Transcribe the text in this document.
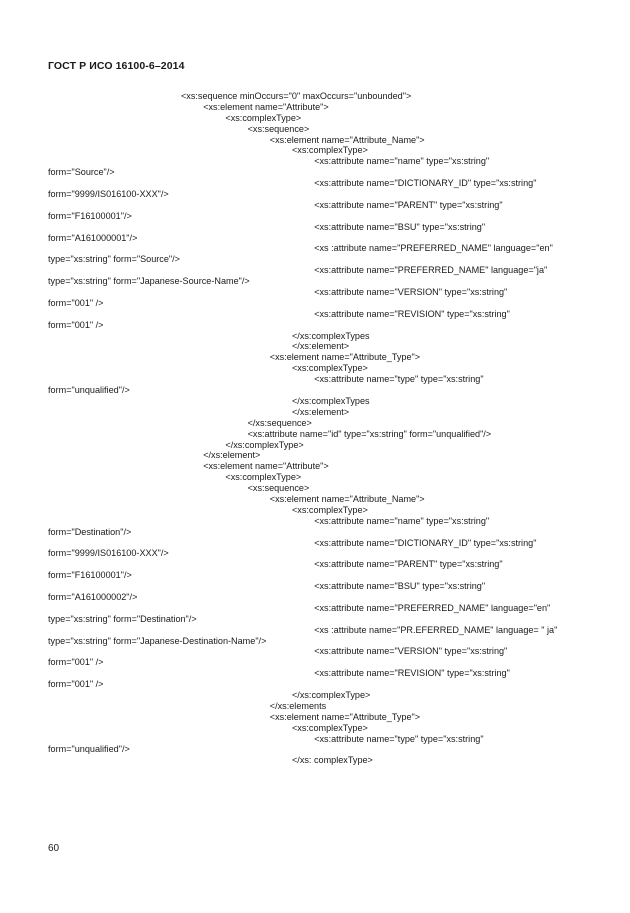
ГОСТ Р ИСО 16100-6–2014
<xs:sequence minOccurs="0" maxOccurs="unbounded">
<xs:element name="Attribute">
<xs:complexType>
<xs:sequence>
<xs:element name="Attribute_Name">
<xs:complexType>
<xs:attribute name="name" type="xs:string"
form="Source"/>
<xs:attribute name="DICTIONARY_ID" type="xs:string"
form="9999/IS016100-XXX"/>
<xs:attribute name="PARENT" type="xs:string"
form="F16100001"/>
<xs:attribute name="BSU" type="xs:string"
form="A161000001"/>
<xs :attribute name="PREFERRED_NAME" language="en"
type="xs:string" form="Source"/>
<xs:attribute name="PREFERRED_NAME" language="ja"
type="xs:string" form="Japanese-Source-Name"/>
<xs:attribute name="VERSION" type="xs:string"
form="001" />
<xs:attribute name="REVISION" type="xs:string"
form="001" />
</xs:complexTypes
</xs:element>
<xs:element name="Attribute_Type">
<xs:complexType>
<xs:attribute name="type" type="xs:string"
form="unqualified"/>
</xs:complexTypes
</xs:element>
</xs:sequence>
<xs:attribute name="id" type="xs:string" form="unqualified"/>
</xs:complexType>
</xs:element>
<xs:element name="Attribute">
<xs:complexType>
<xs:sequence>
<xs:element name="Attribute_Name">
<xs:complexType>
<xs:attribute name="name" type="xs:string"
form="Destination"/>
<xs:attribute name="DICTIONARY_ID" type="xs:string"
form="9999/IS016100-XXX"/>
<xs:attribute name="PARENT" type="xs:string"
form="F16100001"/>
<xs:attribute name="BSU" type="xs:string"
form="A161000002"/>
<xs:attribute name="PREFERRED_NAME" language="en"
type="xs:string" form="Destination"/>
<xs :attribute name="PR.EFERRED_NAME" language= " ja"
type="xs:string" form="Japanese-Destination-Name"/>
<xs:attribute name="VERSION" type="xs:string"
form="001" />
<xs:attribute name="REVISION" type="xs:string"
form="001" />
</xs:complexType>
</xs:elements
<xs:element name="Attribute_Type">
<xs:complexType>
<xs:attribute name="type" type="xs:string"
form="unqualified"/>
</xs: complexType>
60
